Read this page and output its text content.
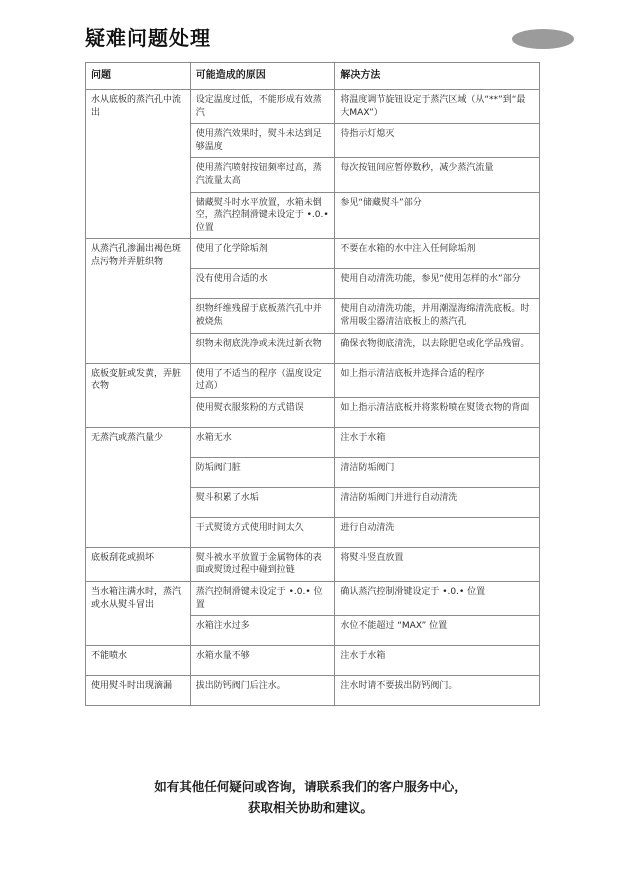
疑难问题处理
问题	可能造成的原因	解决方法
水从底板的蒸汽孔中流出	设定温度过低，不能形成有效蒸汽	将温度调节旋钮设定于蒸汽区域（从“**”到“最大MAX”）

	使用蒸汽效果时，熨斗未达到足够温度	待指示灯熄灭

	使用蒸汽喷射按钮频率过高，蒸汽流量太高	每次按钮间应暂停数秒，减少蒸汽流量

	储藏熨斗时水平放置，水箱未倒空，蒸汽控制滑键未设定于 •.0.• 位置	参见“储藏熨斗”部分

从蒸汽孔渗漏出褐色斑点污物并弄脏织物	使用了化学除垢剂	不要在水箱的水中注入任何除垢剂

	没有使用合适的水	使用自动清洗功能，参见“使用怎样的水”部分

	织物纤维残留于底板蒸汽孔中并被烧焦	使用自动清洗功能，并用潮湿海绵清洗底板。时常用吸尘器清洁底板上的蒸汽孔

	织物未彻底洗净或未洗过新衣物	确保衣物彻底清洗，以去除肥皂或化学品残留。

底板变脏或发黄，弄脏衣物	使用了不适当的程序（温度设定过高）	如上指示清洁底板并选择合适的程序

	使用熨衣服浆粉的方式错误	如上指示清洁底板并将浆粉喷在熨烫衣物的背面

无蒸汽或蒸汽量少	水箱无水	注水于水箱

	防垢阀门脏	清洁防垢阀门

	熨斗积累了水垢	清洁防垢阀门并进行自动清洗

	干式熨烫方式使用时间太久	进行自动清洗

底板刮花或损坏	熨斗被水平放置于金属物体的表面或熨烫过程中碰到拉链	将熨斗竖直放置

当水箱注满水时，蒸汽或水从熨斗冒出	蒸汽控制滑键未设定于 •.0.• 位置	确认蒸汽控制滑键设定于 •.0.• 位置

	水箱注水过多	水位不能超过 “MAX” 位置

不能喷水	水箱水量不够	注水于水箱

使用熨斗时出现滴漏	拔出防钙阀门后注水。	注水时请不要拔出防钙阀门。
如有其他任何疑问或咨询，请联系我们的客户服务中心，
获取相关协助和建议。
